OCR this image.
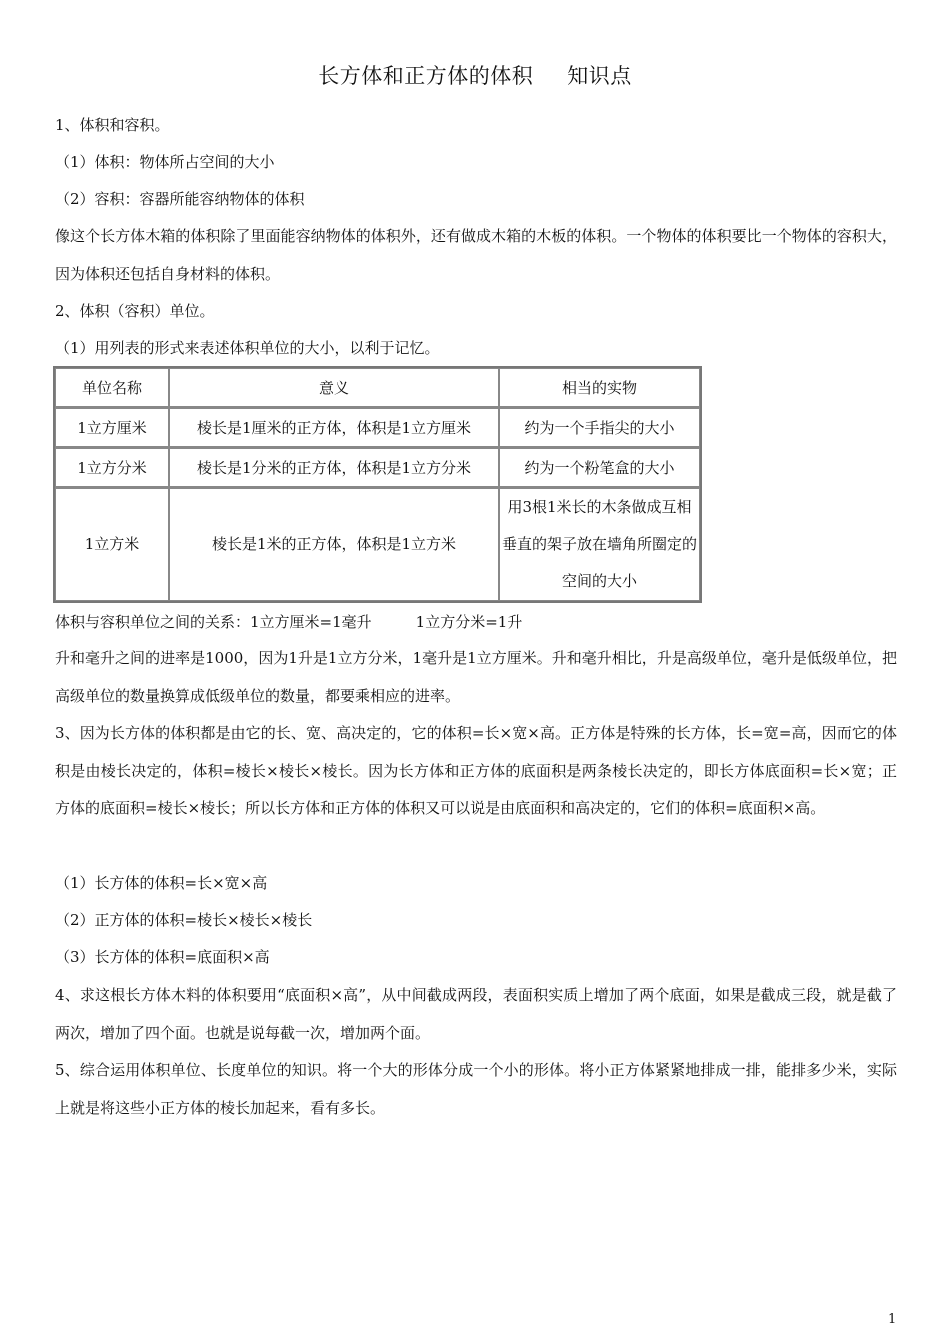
长方体和正方体的体积 知识点
1、体积和容积。
（1）体积：物体所占空间的大小
（2）容积：容器所能容纳物体的体积
像这个长方体木箱的体积除了里面能容纳物体的体积外，还有做成木箱的木板的体积。一个物体的体积要比一个物体的容积大，因为体积还包括自身材料的体积。
2、体积（容积）单位。
（1）用列表的形式来表述体积单位的大小，以利于记忆。
单位名称	意义	相当的实物
1立方厘米	棱长是1厘米的正方体，体积是1立方厘米	约为一个手指尖的大小
1立方分米	棱长是1分米的正方体，体积是1立方分米	约为一个粉笔盒的大小
1立方米	棱长是1米的正方体，体积是1立方米	用3根1米长的木条做成互相垂直的架子放在墙角所圈定的空间的大小
体积与容积单位之间的关系：1立方厘米=1毫升	1立方分米=1升
升和毫升之间的进率是1000，因为1升是1立方分米，1毫升是1立方厘米。升和毫升相比，升是高级单位，毫升是低级单位，把高级单位的数量换算成低级单位的数量，都要乘相应的进率。
3、因为长方体的体积都是由它的长、宽、高决定的，它的体积=长×宽×高。正方体是特殊的长方体，长=宽=高，因而它的体积是由棱长决定的，体积=棱长×棱长×棱长。因为长方体和正方体的底面积是两条棱长决定的，即长方体底面积=长×宽；正方体的底面积=棱长×棱长；所以长方体和正方体的体积又可以说是由底面积和高决定的，它们的体积=底面积×高。
（1）长方体的体积=长×宽×高
（2）正方体的体积=棱长×棱长×棱长
（3）长方体的体积=底面积×高
4、求这根长方体木料的体积要用“底面积×高”，从中间截成两段，表面积实质上增加了两个底面，如果是截成三段，就是截了两次，增加了四个面。也就是说每截一次，增加两个面。
5、综合运用体积单位、长度单位的知识。将一个大的形体分成一个小的形体。将小正方体紧紧地排成一排，能排多少米，实际上就是将这些小正方体的棱长加起来，看有多长。
1
